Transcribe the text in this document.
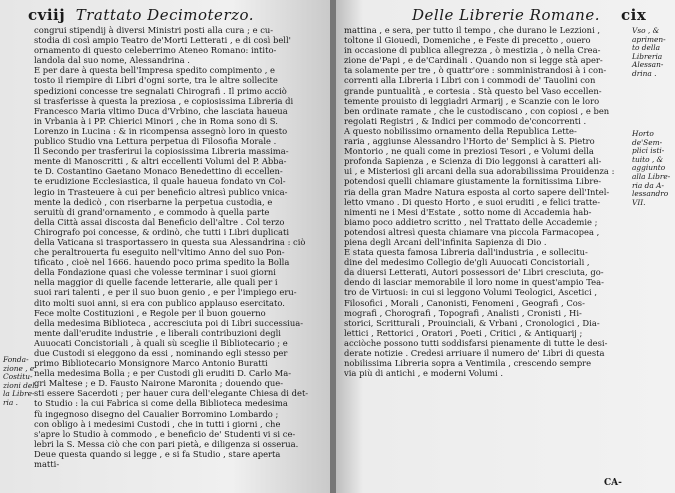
cviij Trattato Decimoterzo.
congrui stipendij à diversi Ministri posti alla cura ; e cu-
stodia di così ampio Teatro de'Morti Letterati , e di così bell'
ornamento di questo celeberrimo Ateneo Romano: intito-
landola dal suo nome, Alessandrina .
E per dare à questa bell'Impresa spedito compimento , e
tosto il riempire di Libri d'ogni sorte, tra le altre sollecite
spedizioni concesse tre segnalati Chirografi . Il primo acciò
si trasferisse à questa la preziosa , e copiosissima Libreria di
Francesco Maria vltimo Duca d'Vrbino, che lasciata haueua
in Vrbania à i PP. Chierici Minori , che in Roma sono di S.
Lorenzo in Lucina : & in ricompensa assegnò loro in questo
publico Studio vna Lettura perpetua di Filosofia Morale .
Il Secondo per trasferirui la copiosissima Libreria massima-
mente di Manoscritti , & altri eccellenti Volumi del P. Abba-
te D. Costantino Gaetano Monaco Benedettino di eccellen-
te erudizione Ecclesiastica, il quale haueua fondato vn Col-
legio in Trasteuere à cui per beneficio altresì publico vnica-
mente la dedicò , con riserbarne la perpetua custodia, e
seruitù di grand'ornamento , e commodo à quella parte
della Città assai discosta dal Beneficio dell'altre . Col terzo
Chirografo poi concesse, & ordinò, che tutti i Libri duplicati
della Vaticana si trasportassero in questa sua Alessandrina : ciò
che peraltrouerta fu eseguito nell'vltimo Anno del suo Pon-
tificato , cioè nel 1666. hauendo poco prima spedito la Bolla
della Fondazione quasi che volesse terminar i suoi giorni
nella maggior di quelle facende letterarie, alle quali per i
suoi rari talenti , e per il suo buon genio , e per l'impiego eru-
dito molti suoi anni, si era con publico applauso esercitato.
Fece molte Costituzioni , e Regole per il buon gouerno
della medesima Biblioteca , accresciuta poi di Libri successiua-
mente dall'erudite industrie , e liberali contribuzioni degli
Auuocati Concistoriali , à quali sù sceglie il Bibliotecario ; e
due Custodi si eleggono da essi , nominando egli stesso per
primo Bibliotecario Monsignore Marco Antonio Buratti
nella medesima Bolla ; e per Custodi gli eruditi D. Carlo Ma-
gri Maltese ; e D. Fausto Nairone Maronita ; douendo que-
sti essere Sacerdoti ; per hauer cura dell'elegante Chiesa di det-
to Studio : la cui Fabrica si come della Biblioteca medesima
fù ingegnoso disegno del Caualier Borromino Lombardo ;
con obligo à i medesimi Custodi , che in tutti i giorni , che
s'apre lo Studio à commodo , e beneficio de' Studenti vi si ce-
lebri la S. Messa ciò che con pari pietà, e diligenza si osserua.
Deue questa quando si legge , e si fa Studio , stare aperta
matti-
Fonda-
zione , e
Costitu-
zioni del-
la Libre-
ria .
Delle Librerie Romane. cix
mattina , e sera, per tutto il tempo , che durano le Lezzioni ,
toltone il Giouedì, Domeniche , e Feste di precetto , ouero
in occasione di publica allegrezza , ò mestizia , ò nella Crea-
zione de'Papi , e de'Cardinali . Quando non si legge stà aper-
ta solamente per tre , ò quattr'ore : somministrandosi à i con-
correnti alla Libreria i Libri con i commodi de' Tauolini con
grande puntualità , e cortesia . Stà questo bel Vaso eccellen-
temente prouisto di leggiadri Armarij , e Scanzie con le loro
ben ordinate ramate , che le custodiscano , con copiosi , e ben
regolati Registri , & Indici per commodo de'concorrenti .
A questo nobilissimo ornamento della Republica Lette-
raria , aggiunse Alessandro l'Horto de' Semplici à S. Pietro
Montorio , ne quali come in preziosi Tesori , e Volumi della
profonda Sapienza , e Scienza di Dio leggonsi à caratteri ali-
ui , e Misteriosi gli arcani della sua adorabilissima Prouidenza :
potendosi quelli chiamare giustamente la fornitissima Libre-
ria della gran Madre Natura esposta al corto sapere dell'Intel-
letto vmano . Di questo Horto , e suoi eruditi , e felici tratte-
nimenti ne i Mesi d'Estate , sotto nome di Accademia hab-
biamo poco addietro scritto , nel Trattato delle Accademie ;
potendosi altresì questa chiamare vna piccola Farmacopea ,
piena degli Arcani dell'infinita Sapienza di Dio .
E stata questa famosa Libreria dall'industria , e sollecitu-
dine del medesimo Collegio de'gli Auuocati Concistoriali ,
da diuersi Letterati, Autori possessori de' Libri cresciuta, go-
dendo di lasciar memorabile il loro nome in quest'ampio Tea-
tro de Virtuosi: in cui si leggono Volumi Teologici, Ascetici ,
Filosofici , Morali , Canonisti, Fenomeni , Geografi , Cos-
mografi , Chorografi , Topografi , Analisti , Cronisti , Hi-
storici, Scritturali , Prouinciali, & Vrbani , Cronologici , Dia-
lettici , Rettorici , Oratori , Poeti , Critici , & Antiquarij ;
acciòche possono tutti soddisfarsi pienamente di tutte le desi-
derate notizie . Credesi arriuare il numero de' Libri di questa
nobilissima Libreria sopra a Ventimila , crescendo sempre
via più di antichi , e moderni Volumi .
Vso , &
aprimen-
to della
Libreria
Alessan-
drina .
Horto
de'Sem-
plici isti-
tuito , &
aggiunto
alla Libre-
ria da A-
lessandro
VII.
CA-
